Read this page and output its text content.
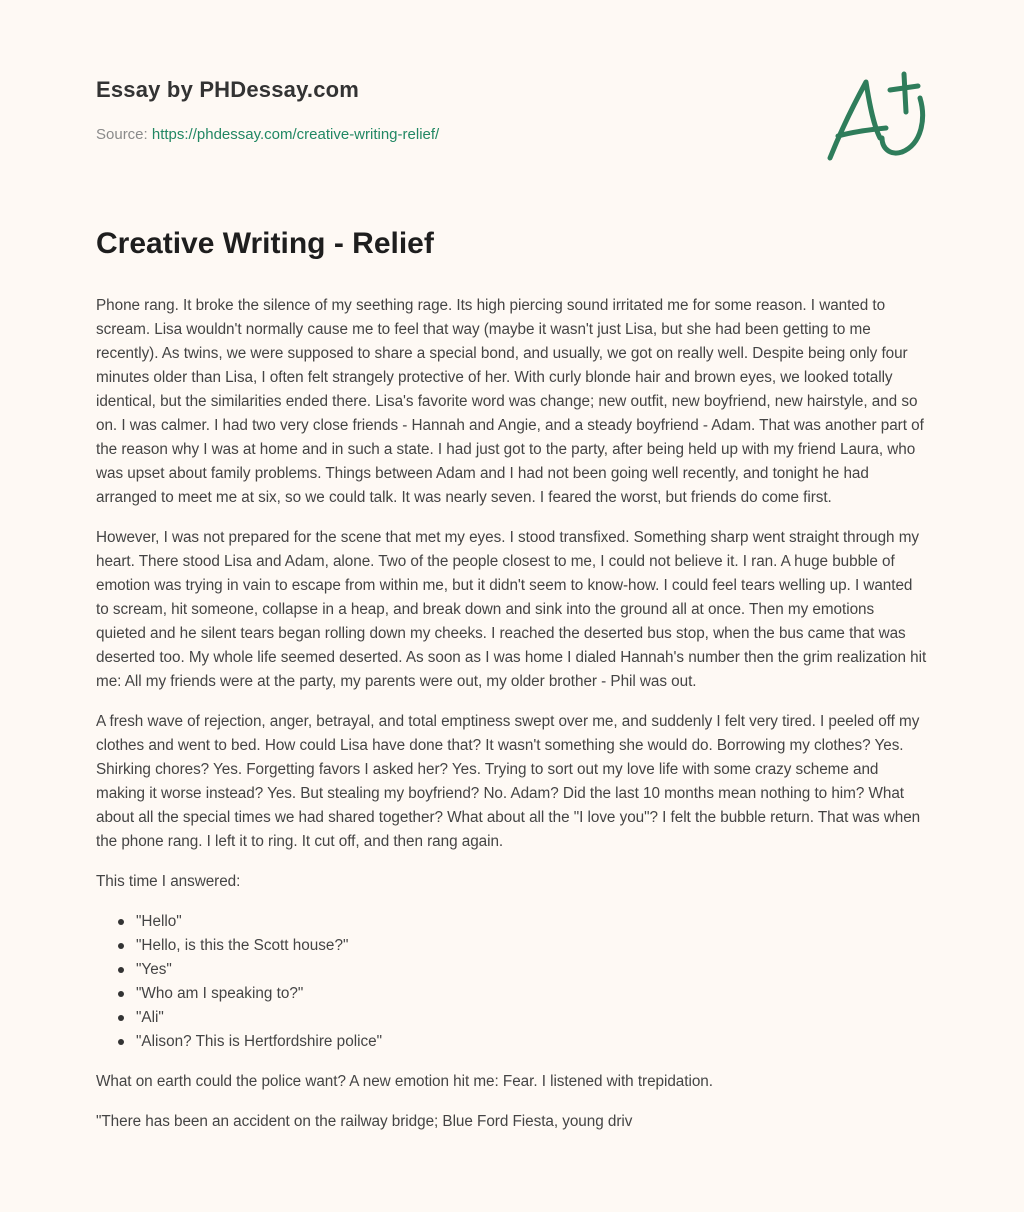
Essay by PHDessay.com
Source: https://phdessay.com/creative-writing-relief/
Creative Writing - Relief

Phone rang. It broke the silence of my seething rage. Its high piercing sound irritated me for some reason. I wanted to scream. Lisa wouldn't normally cause me to feel that way (maybe it wasn't just Lisa, but she had been getting to me recently). As twins, we were supposed to share a special bond, and usually, we got on really well. Despite being only four minutes older than Lisa, I often felt strangely protective of her. With curly blonde hair and brown eyes, we looked totally identical, but the similarities ended there. Lisa's favorite word was change; new outfit, new boyfriend, new hairstyle, and so on. I was calmer. I had two very close friends - Hannah and Angie, and a steady boyfriend - Adam. That was another part of the reason why I was at home and in such a state. I had just got to the party, after being held up with my friend Laura, who was upset about family problems. Things between Adam and I had not been going well recently, and tonight he had arranged to meet me at six, so we could talk. It was nearly seven. I feared the worst, but friends do come first.

However, I was not prepared for the scene that met my eyes. I stood transfixed. Something sharp went straight through my heart. There stood Lisa and Adam, alone. Two of the people closest to me, I could not believe it. I ran. A huge bubble of emotion was trying in vain to escape from within me, but it didn't seem to know-how. I could feel tears welling up. I wanted to scream, hit someone, collapse in a heap, and break down and sink into the ground all at once. Then my emotions quieted and he silent tears began rolling down my cheeks. I reached the deserted bus stop, when the bus came that was deserted too. My whole life seemed deserted. As soon as I was home I dialed Hannah's number then the grim realization hit me: All my friends were at the party, my parents were out, my older brother - Phil was out.

A fresh wave of rejection, anger, betrayal, and total emptiness swept over me, and suddenly I felt very tired. I peeled off my clothes and went to bed. How could Lisa have done that? It wasn't something she would do. Borrowing my clothes? Yes. Shirking chores? Yes. Forgetting favors I asked her? Yes. Trying to sort out my love life with some crazy scheme and making it worse instead? Yes. But stealing my boyfriend? No. Adam? Did the last 10 months mean nothing to him? What about all the special times we had shared together? What about all the "I love you"? I felt the bubble return. That was when the phone rang. I left it to ring. It cut off, and then rang again.

This time I answered:

"Hello"
"Hello, is this the Scott house?"
"Yes"
"Who am I speaking to?"
"Ali"
"Alison? This is Hertfordshire police"

What on earth could the police want? A new emotion hit me: Fear. I listened with trepidation.

"There has been an accident on the railway bridge; Blue Ford Fiesta, young driv
